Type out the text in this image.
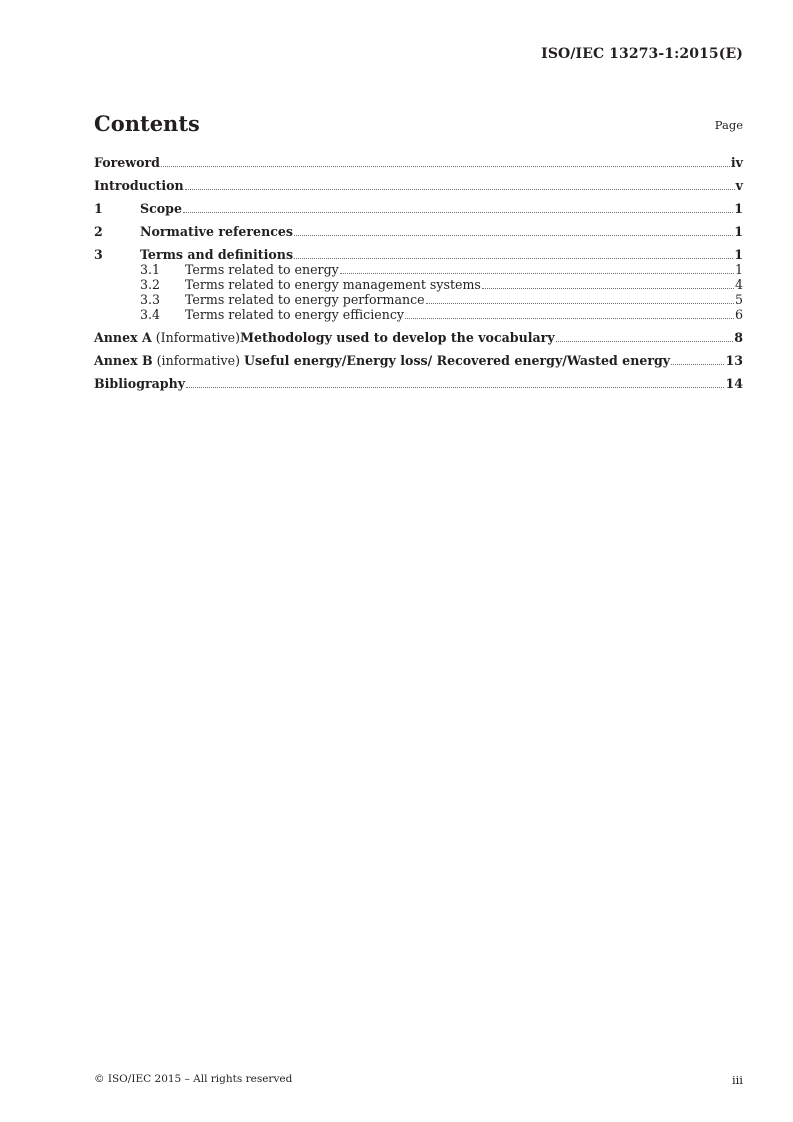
ISO/IEC 13273-1:2015(E)
Contents	Page
Foreword	iv
Introduction	v
1	Scope	1
2	Normative references	1
3	Terms and definitions	1
3.1	Terms related to energy	1
3.2	Terms related to energy management systems	4
3.3	Terms related to energy performance	5
3.4	Terms related to energy efficiency	6
Annex A (Informative)Methodology used to develop the vocabulary	8
Annex B (informative) Useful energy/Energy loss/ Recovered energy/Wasted energy	13
Bibliography	14
© ISO/IEC 2015 – All rights reserved	iii
